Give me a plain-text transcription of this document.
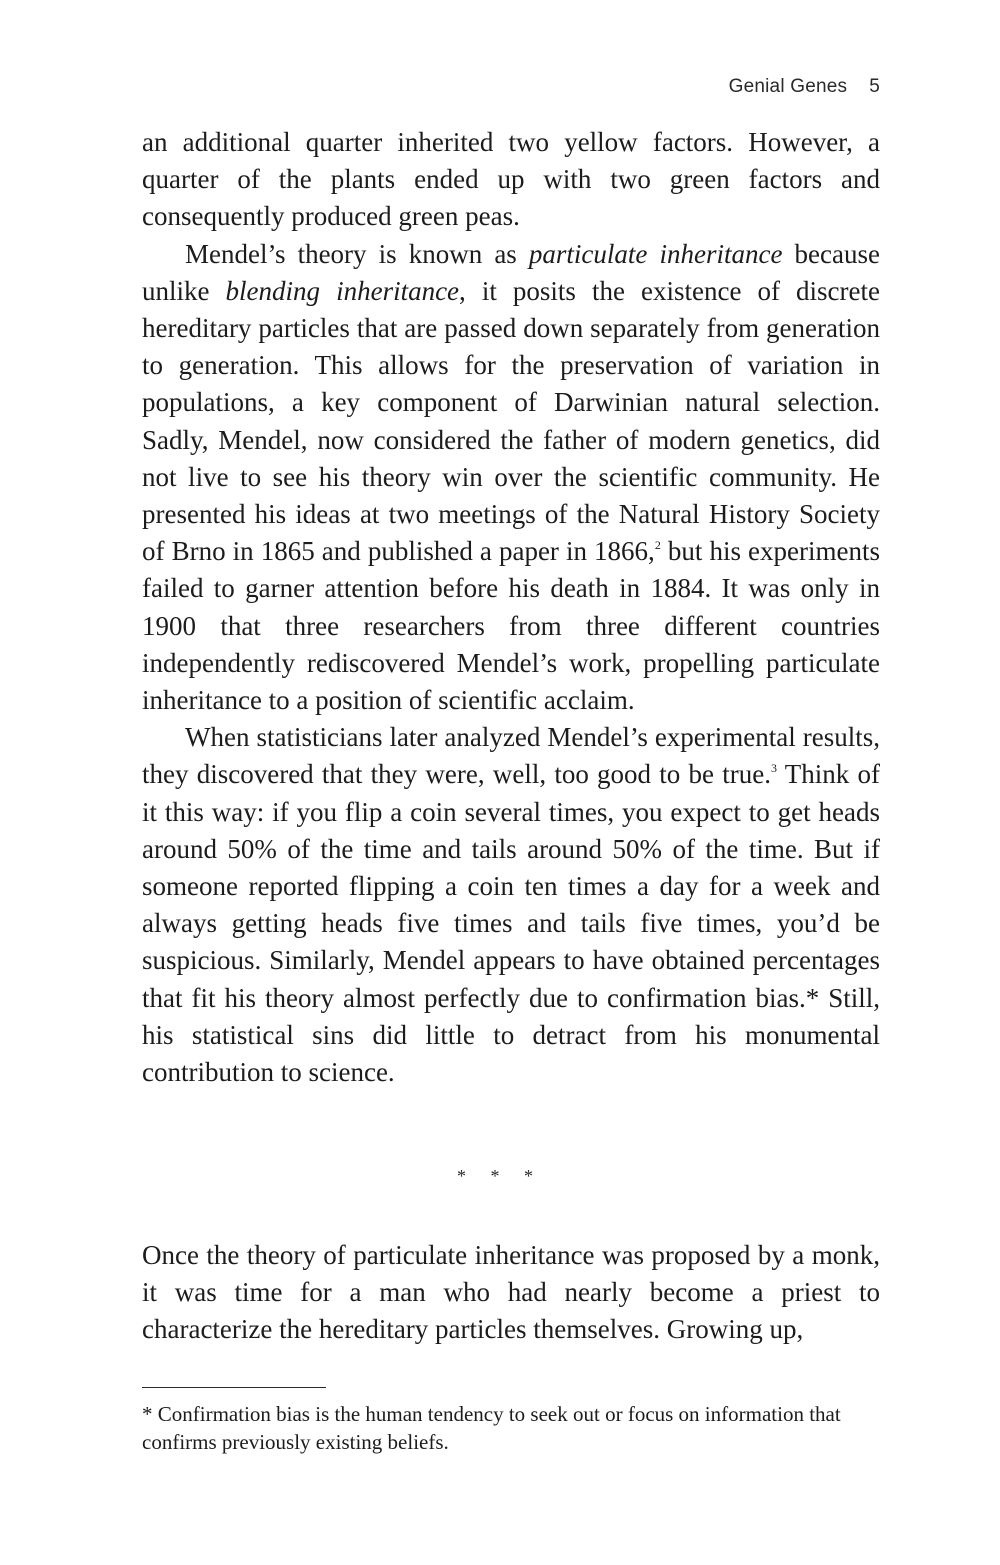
Genial Genes 5

an additional quarter inherited two yellow factors. However, a quarter of the plants ended up with two green factors and consequently produced green peas.

Mendel’s theory is known as particulate inheritance because unlike blending inheritance, it posits the existence of discrete hereditary particles that are passed down separately from generation to generation. This allows for the preservation of variation in populations, a key component of Darwinian natural selection. Sadly, Mendel, now considered the father of modern genetics, did not live to see his theory win over the scientific community. He presented his ideas at two meetings of the Natural History Society of Brno in 1865 and published a paper in 1866,$^2$ but his experiments failed to garner attention before his death in 1884. It was only in 1900 that three researchers from three different countries independently rediscovered Mendel’s work, propelling particulate inheritance to a position of scientific acclaim.

When statisticians later analyzed Mendel’s experimental results, they discovered that they were, well, too good to be true.$^3$ Think of it this way: if you flip a coin several times, you expect to get heads around 50% of the time and tails around 50% of the time. But if someone reported flipping a coin ten times a day for a week and always getting heads five times and tails five times, you’d be suspicious. Similarly, Mendel appears to have obtained percentages that fit his theory almost perfectly due to confirmation bias.* Still, his statistical sins did little to detract from his monumental contribution to science.

* * *

Once the theory of particulate inheritance was proposed by a monk, it was time for a man who had nearly become a priest to characterize the hereditary particles themselves. Growing up,

* Confirmation bias is the human tendency to seek out or focus on information that confirms previously existing beliefs.
